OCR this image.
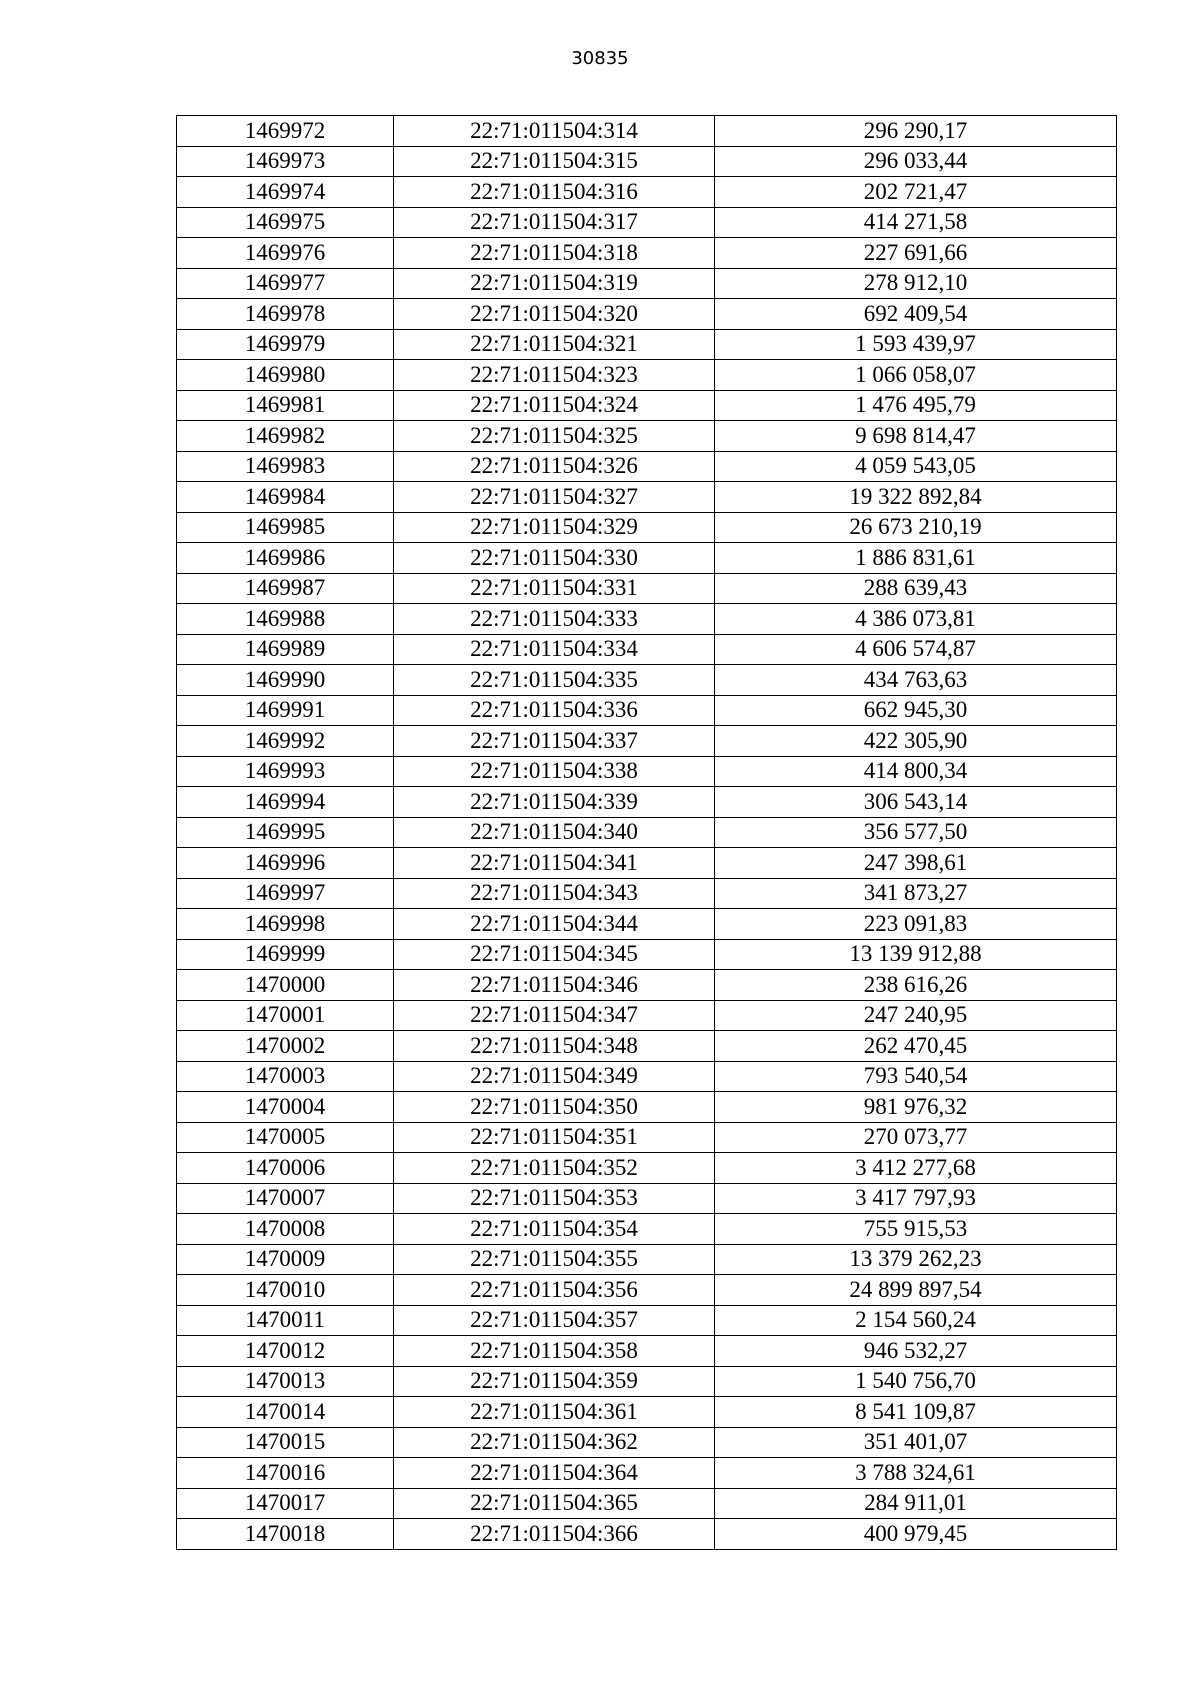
30835
1469972	22:71:011504:314	296 290,17
1469973	22:71:011504:315	296 033,44
1469974	22:71:011504:316	202 721,47
1469975	22:71:011504:317	414 271,58
1469976	22:71:011504:318	227 691,66
1469977	22:71:011504:319	278 912,10
1469978	22:71:011504:320	692 409,54
1469979	22:71:011504:321	1 593 439,97
1469980	22:71:011504:323	1 066 058,07
1469981	22:71:011504:324	1 476 495,79
1469982	22:71:011504:325	9 698 814,47
1469983	22:71:011504:326	4 059 543,05
1469984	22:71:011504:327	19 322 892,84
1469985	22:71:011504:329	26 673 210,19
1469986	22:71:011504:330	1 886 831,61
1469987	22:71:011504:331	288 639,43
1469988	22:71:011504:333	4 386 073,81
1469989	22:71:011504:334	4 606 574,87
1469990	22:71:011504:335	434 763,63
1469991	22:71:011504:336	662 945,30
1469992	22:71:011504:337	422 305,90
1469993	22:71:011504:338	414 800,34
1469994	22:71:011504:339	306 543,14
1469995	22:71:011504:340	356 577,50
1469996	22:71:011504:341	247 398,61
1469997	22:71:011504:343	341 873,27
1469998	22:71:011504:344	223 091,83
1469999	22:71:011504:345	13 139 912,88
1470000	22:71:011504:346	238 616,26
1470001	22:71:011504:347	247 240,95
1470002	22:71:011504:348	262 470,45
1470003	22:71:011504:349	793 540,54
1470004	22:71:011504:350	981 976,32
1470005	22:71:011504:351	270 073,77
1470006	22:71:011504:352	3 412 277,68
1470007	22:71:011504:353	3 417 797,93
1470008	22:71:011504:354	755 915,53
1470009	22:71:011504:355	13 379 262,23
1470010	22:71:011504:356	24 899 897,54
1470011	22:71:011504:357	2 154 560,24
1470012	22:71:011504:358	946 532,27
1470013	22:71:011504:359	1 540 756,70
1470014	22:71:011504:361	8 541 109,87
1470015	22:71:011504:362	351 401,07
1470016	22:71:011504:364	3 788 324,61
1470017	22:71:011504:365	284 911,01
1470018	22:71:011504:366	400 979,45
